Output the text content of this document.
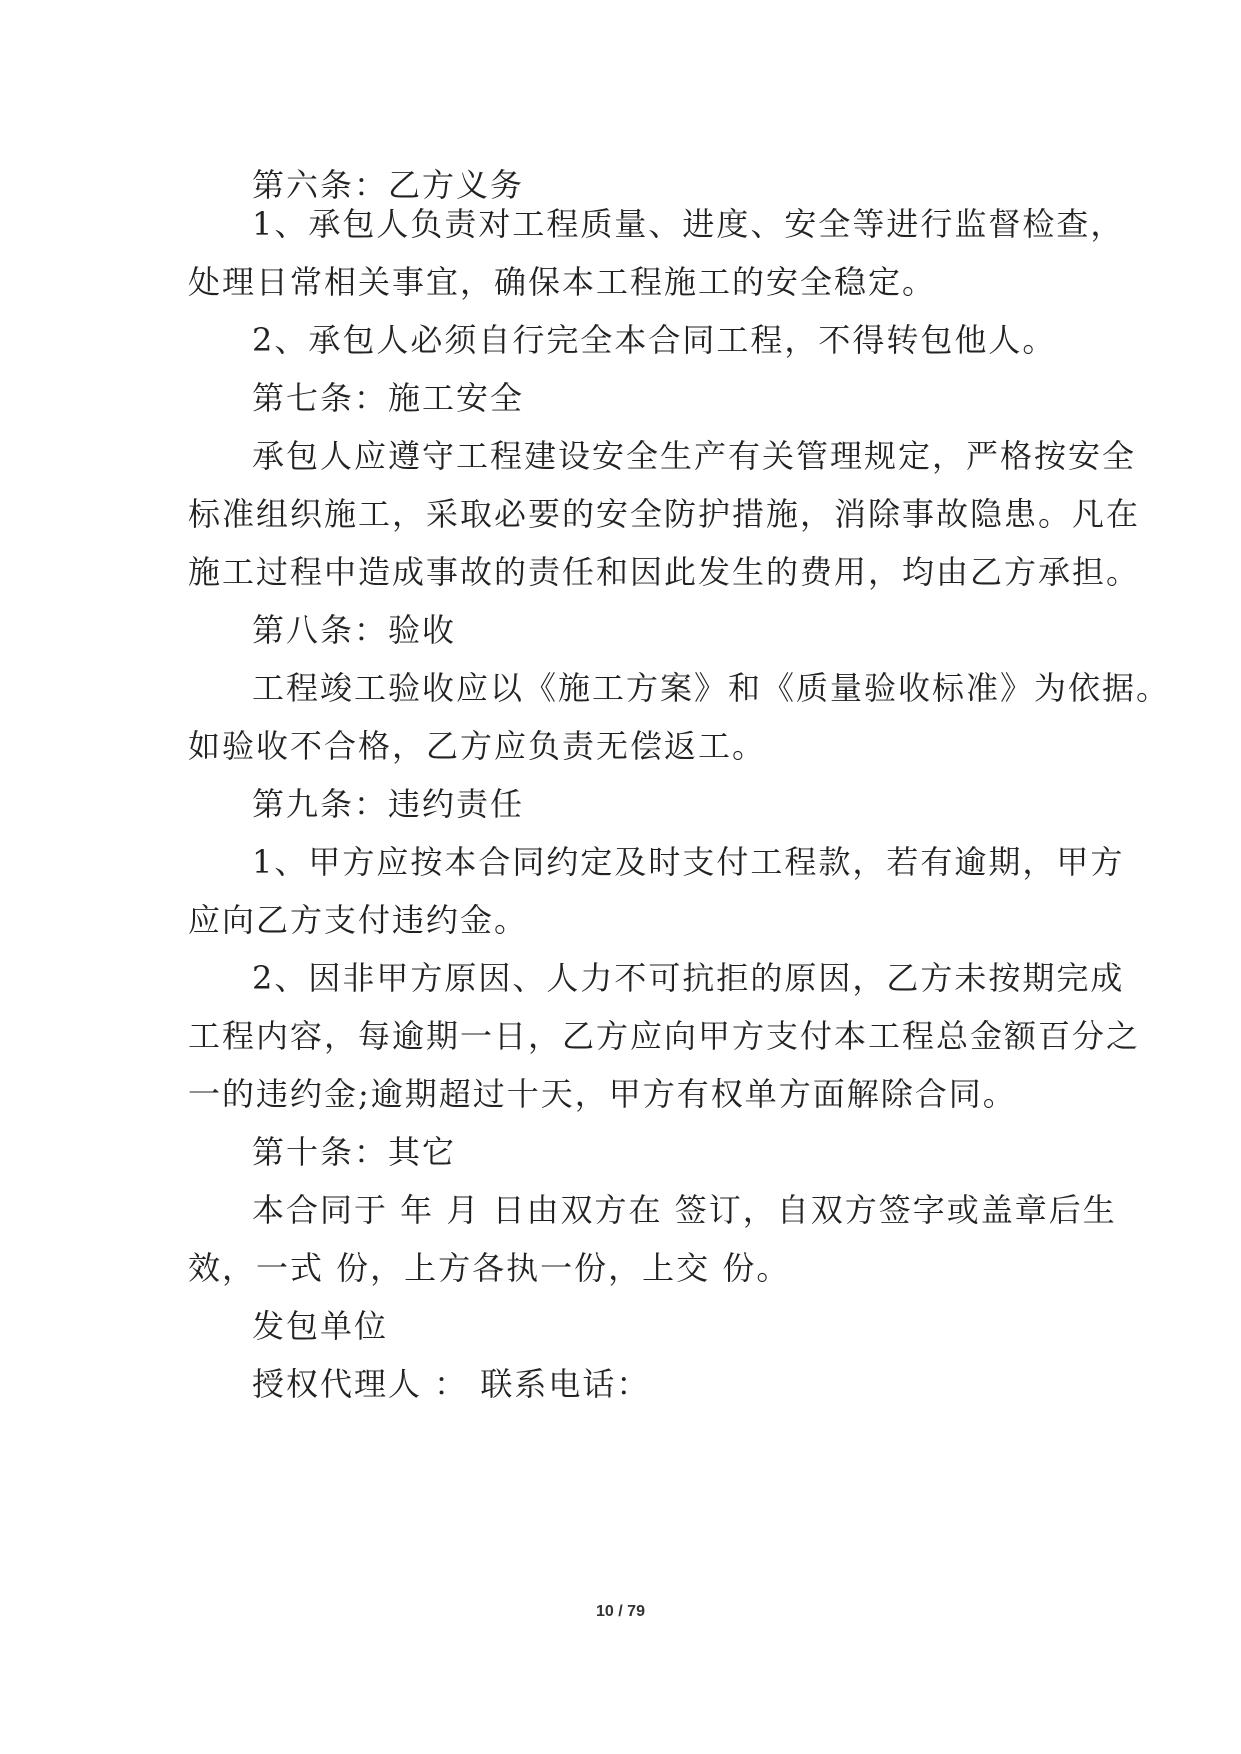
第六条：乙方义务
1、承包人负责对工程质量、进度、安全等进行监督检查，
处理日常相关事宜，确保本工程施工的安全稳定。
2、承包人必须自行完全本合同工程，不得转包他人。
第七条：施工安全
承包人应遵守工程建设安全生产有关管理规定，严格按安全
标准组织施工，采取必要的安全防护措施，消除事故隐患。凡在
施工过程中造成事故的责任和因此发生的费用，均由乙方承担。
第八条：验收
工程竣工验收应以《施工方案》和《质量验收标准》为依据。
如验收不合格，乙方应负责无偿返工。
第九条：违约责任
1、甲方应按本合同约定及时支付工程款，若有逾期，甲方
应向乙方支付违约金。
2、因非甲方原因、人力不可抗拒的原因，乙方未按期完成
工程内容，每逾期一日，乙方应向甲方支付本工程总金额百分之
一的违约金;逾期超过十天，甲方有权单方面解除合同。
第十条：其它
本合同于 年 月 日由双方在 签订，自双方签字或盖章后生
效，一式 份，上方各执一份，上交 份。
发包单位
授权代理人 ： 联系电话：
10 / 79
